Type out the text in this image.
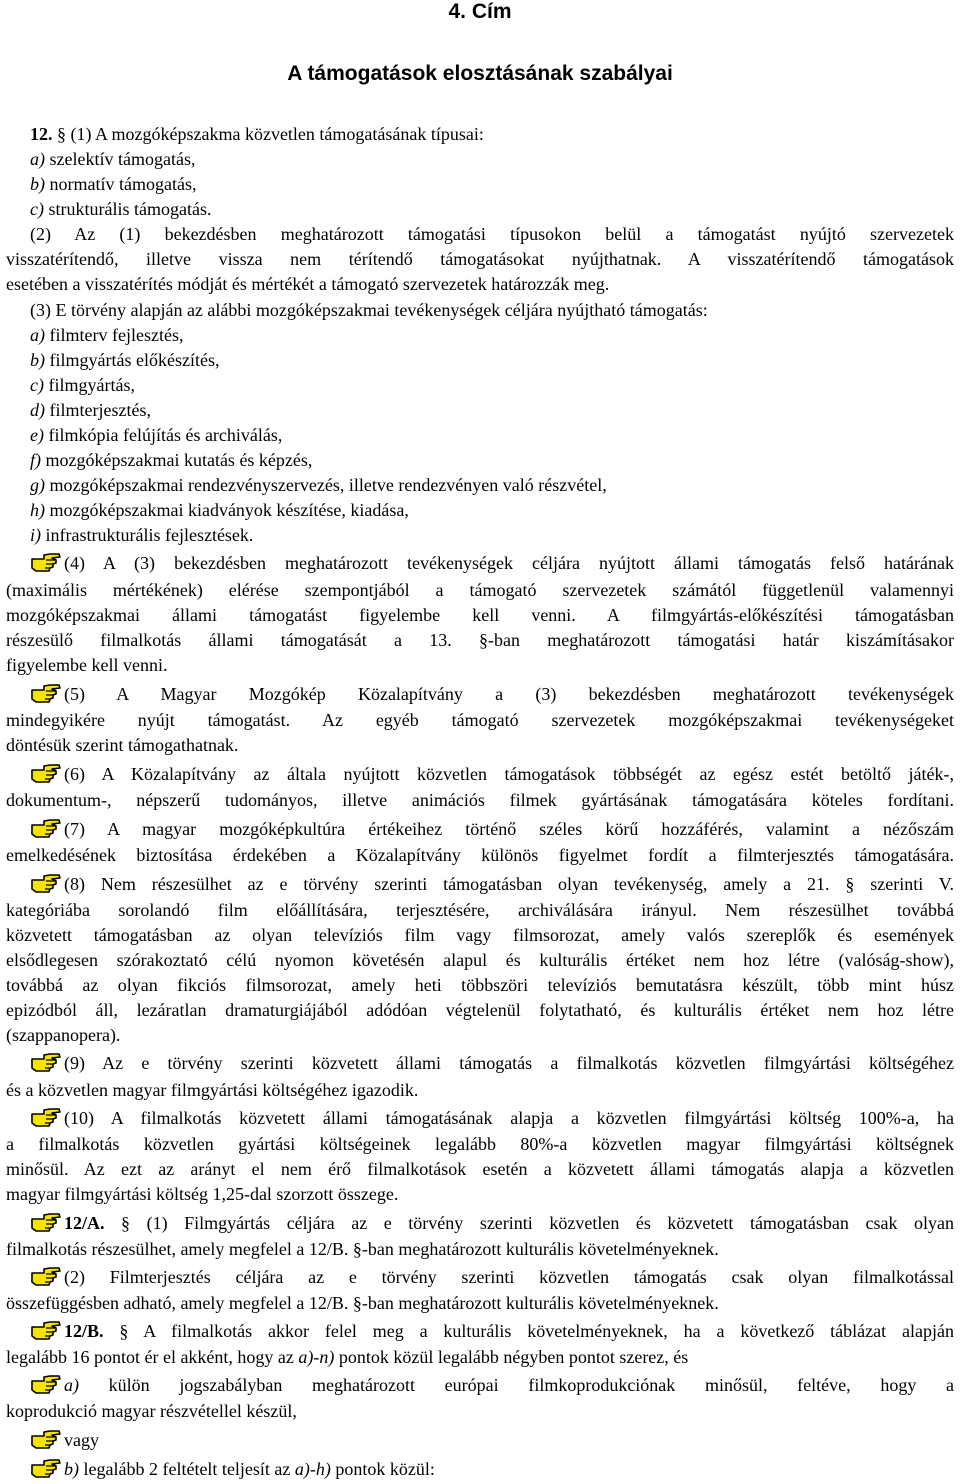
4. Cím
A támogatások elosztásának szabályai
12. § (1) A mozgóképszakma közvetlen támogatásának típusai:
a) szelektív támogatás,
b) normatív támogatás,
c) strukturális támogatás.
(2) Az (1) bekezdésben meghatározott támogatási típusokon belül a támogatást nyújtó szervezetek
visszatérítendő, illetve vissza nem térítendő támogatásokat nyújthatnak. A visszatérítendő támogatások
esetében a visszatérítés módját és mértékét a támogató szervezetek határozzák meg.
(3) E törvény alapján az alábbi mozgóképszakmai tevékenységek céljára nyújtható támogatás:
a) filmterv fejlesztés,
b) filmgyártás előkészítés,
c) filmgyártás,
d) filmterjesztés,
e) filmkópia felújítás és archiválás,
f) mozgóképszakmai kutatás és képzés,
g) mozgóképszakmai rendezvényszervezés, illetve rendezvényen való részvétel,
h) mozgóképszakmai kiadványok készítése, kiadása,
i) infrastrukturális fejlesztések.
(4) A (3) bekezdésben meghatározott tevékenységek céljára nyújtott állami támogatás felső határának
(maximális mértékének) elérése szempontjából a támogató szervezetek számától függetlenül valamennyi
mozgóképszakmai állami támogatást figyelembe kell venni. A filmgyártás-előkészítési támogatásban
részesülő filmalkotás állami támogatását a 13. §-ban meghatározott támogatási határ kiszámításakor
figyelembe kell venni.
(5) A Magyar Mozgókép Közalapítvány a (3) bekezdésben meghatározott tevékenységek
mindegyikére nyújt támogatást. Az egyéb támogató szervezetek mozgóképszakmai tevékenységeket
döntésük szerint támogathatnak.
(6) A Közalapítvány az általa nyújtott közvetlen támogatások többségét az egész estét betöltő játék-,
dokumentum-, népszerű tudományos, illetve animációs filmek gyártásának támogatására köteles fordítani.
(7) A magyar mozgóképkultúra értékeihez történő széles körű hozzáférés, valamint a nézőszám
emelkedésének biztosítása érdekében a Közalapítvány különös figyelmet fordít a filmterjesztés támogatására.
(8) Nem részesülhet az e törvény szerinti támogatásban olyan tevékenység, amely a 21. § szerinti V.
kategóriába sorolandó film előállítására, terjesztésére, archiválására irányul. Nem részesülhet továbbá
közvetett támogatásban az olyan televíziós film vagy filmsorozat, amely valós szereplők és események
elsődlegesen szórakoztató célú nyomon követésén alapul és kulturális értéket nem hoz létre (valóság-show),
továbbá az olyan fikciós filmsorozat, amely heti többszöri televíziós bemutatásra készült, több mint húsz
epizódból áll, lezáratlan dramaturgiájából adódóan végtelenül folytatható, és kulturális értéket nem hoz létre
(szappanopera).
(9) Az e törvény szerinti közvetett állami támogatás a filmalkotás közvetlen filmgyártási költségéhez
és a közvetlen magyar filmgyártási költségéhez igazodik.
(10) A filmalkotás közvetett állami támogatásának alapja a közvetlen filmgyártási költség 100%-a, ha
a filmalkotás közvetlen gyártási költségeinek legalább 80%-a közvetlen magyar filmgyártási költségnek
minősül. Az ezt az arányt el nem érő filmalkotások esetén a közvetett állami támogatás alapja a közvetlen
magyar filmgyártási költség 1,25-dal szorzott összege.
12/A. § (1) Filmgyártás céljára az e törvény szerinti közvetlen és közvetett támogatásban csak olyan
filmalkotás részesülhet, amely megfelel a 12/B. §-ban meghatározott kulturális követelményeknek.
(2) Filmterjesztés céljára az e törvény szerinti közvetlen támogatás csak olyan filmalkotással
összefüggésben adható, amely megfelel a 12/B. §-ban meghatározott kulturális követelményeknek.
12/B. § A filmalkotás akkor felel meg a kulturális követelményeknek, ha a következő táblázat alapján
legalább 16 pontot ér el akként, hogy az a)-n) pontok közül legalább négyben pontot szerez, és
a) külön jogszabályban meghatározott európai filmkoprodukciónak minősül, feltéve, hogy a
koprodukció magyar részvétellel készül,
vagy
b) legalább 2 feltételt teljesít az a)-h) pontok közül:
